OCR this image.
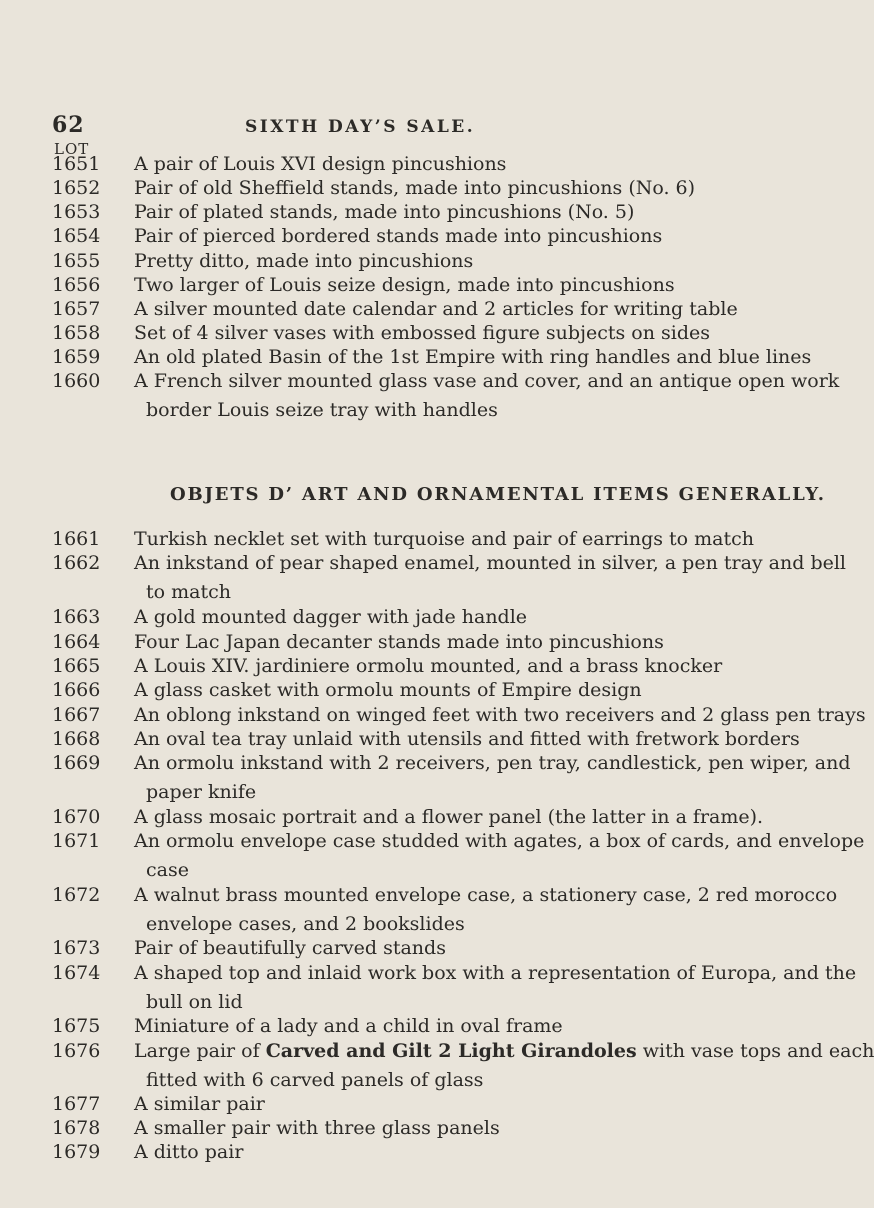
62	SIXTH DAY’S SALE.
LOT
1651	A pair of Louis XVI design pincushions
1652	Pair of old Sheffield stands, made into pincushions (No. 6)
1653	Pair of plated stands, made into pincushions (No. 5)
1654	Pair of pierced bordered stands made into pincushions
1655	Pretty ditto, made into pincushions
1656	Two larger of Louis seize design, made into pincushions
1657	A silver mounted date calendar and 2 articles for writing table
1658	Set of 4 silver vases with embossed figure subjects on sides
1659	An old plated Basin of the 1st Empire with ring handles and blue lines
1660	A French silver mounted glass vase and cover, and an antique open work
border Louis seize tray with handles
OBJETS D’ ART AND ORNAMENTAL ITEMS GENERALLY.
1661	Turkish necklet set with turquoise and pair of earrings to match
1662	An inkstand of pear shaped enamel, mounted in silver, a pen tray and bell
to match
1663	A gold mounted dagger with jade handle
1664	Four Lac Japan decanter stands made into pincushions
1665	A Louis XIV. jardiniere ormolu mounted, and a brass knocker
1666	A glass casket with ormolu mounts of Empire design
1667	An oblong inkstand on winged feet with two receivers and 2 glass pen trays
1668	An oval tea tray unlaid with utensils and fitted with fretwork borders
1669	An ormolu inkstand with 2 receivers, pen tray, candlestick, pen wiper, and
paper knife
1670	A glass mosaic portrait and a flower panel (the latter in a frame).
1671	An ormolu envelope case studded with agates, a box of cards, and envelope
case
1672	A walnut brass mounted envelope case, a stationery case, 2 red morocco
envelope cases, and 2 bookslides
1673	Pair of beautifully carved stands
1674	A shaped top and inlaid work box with a representation of Europa, and the
bull on lid
1675	Miniature of a lady and a child in oval frame
1676	Large pair of Carved and Gilt 2 Light Girandoles with vase tops and each
fitted with 6 carved panels of glass
1677	A similar pair
1678	A smaller pair with three glass panels
1679	A ditto pair
